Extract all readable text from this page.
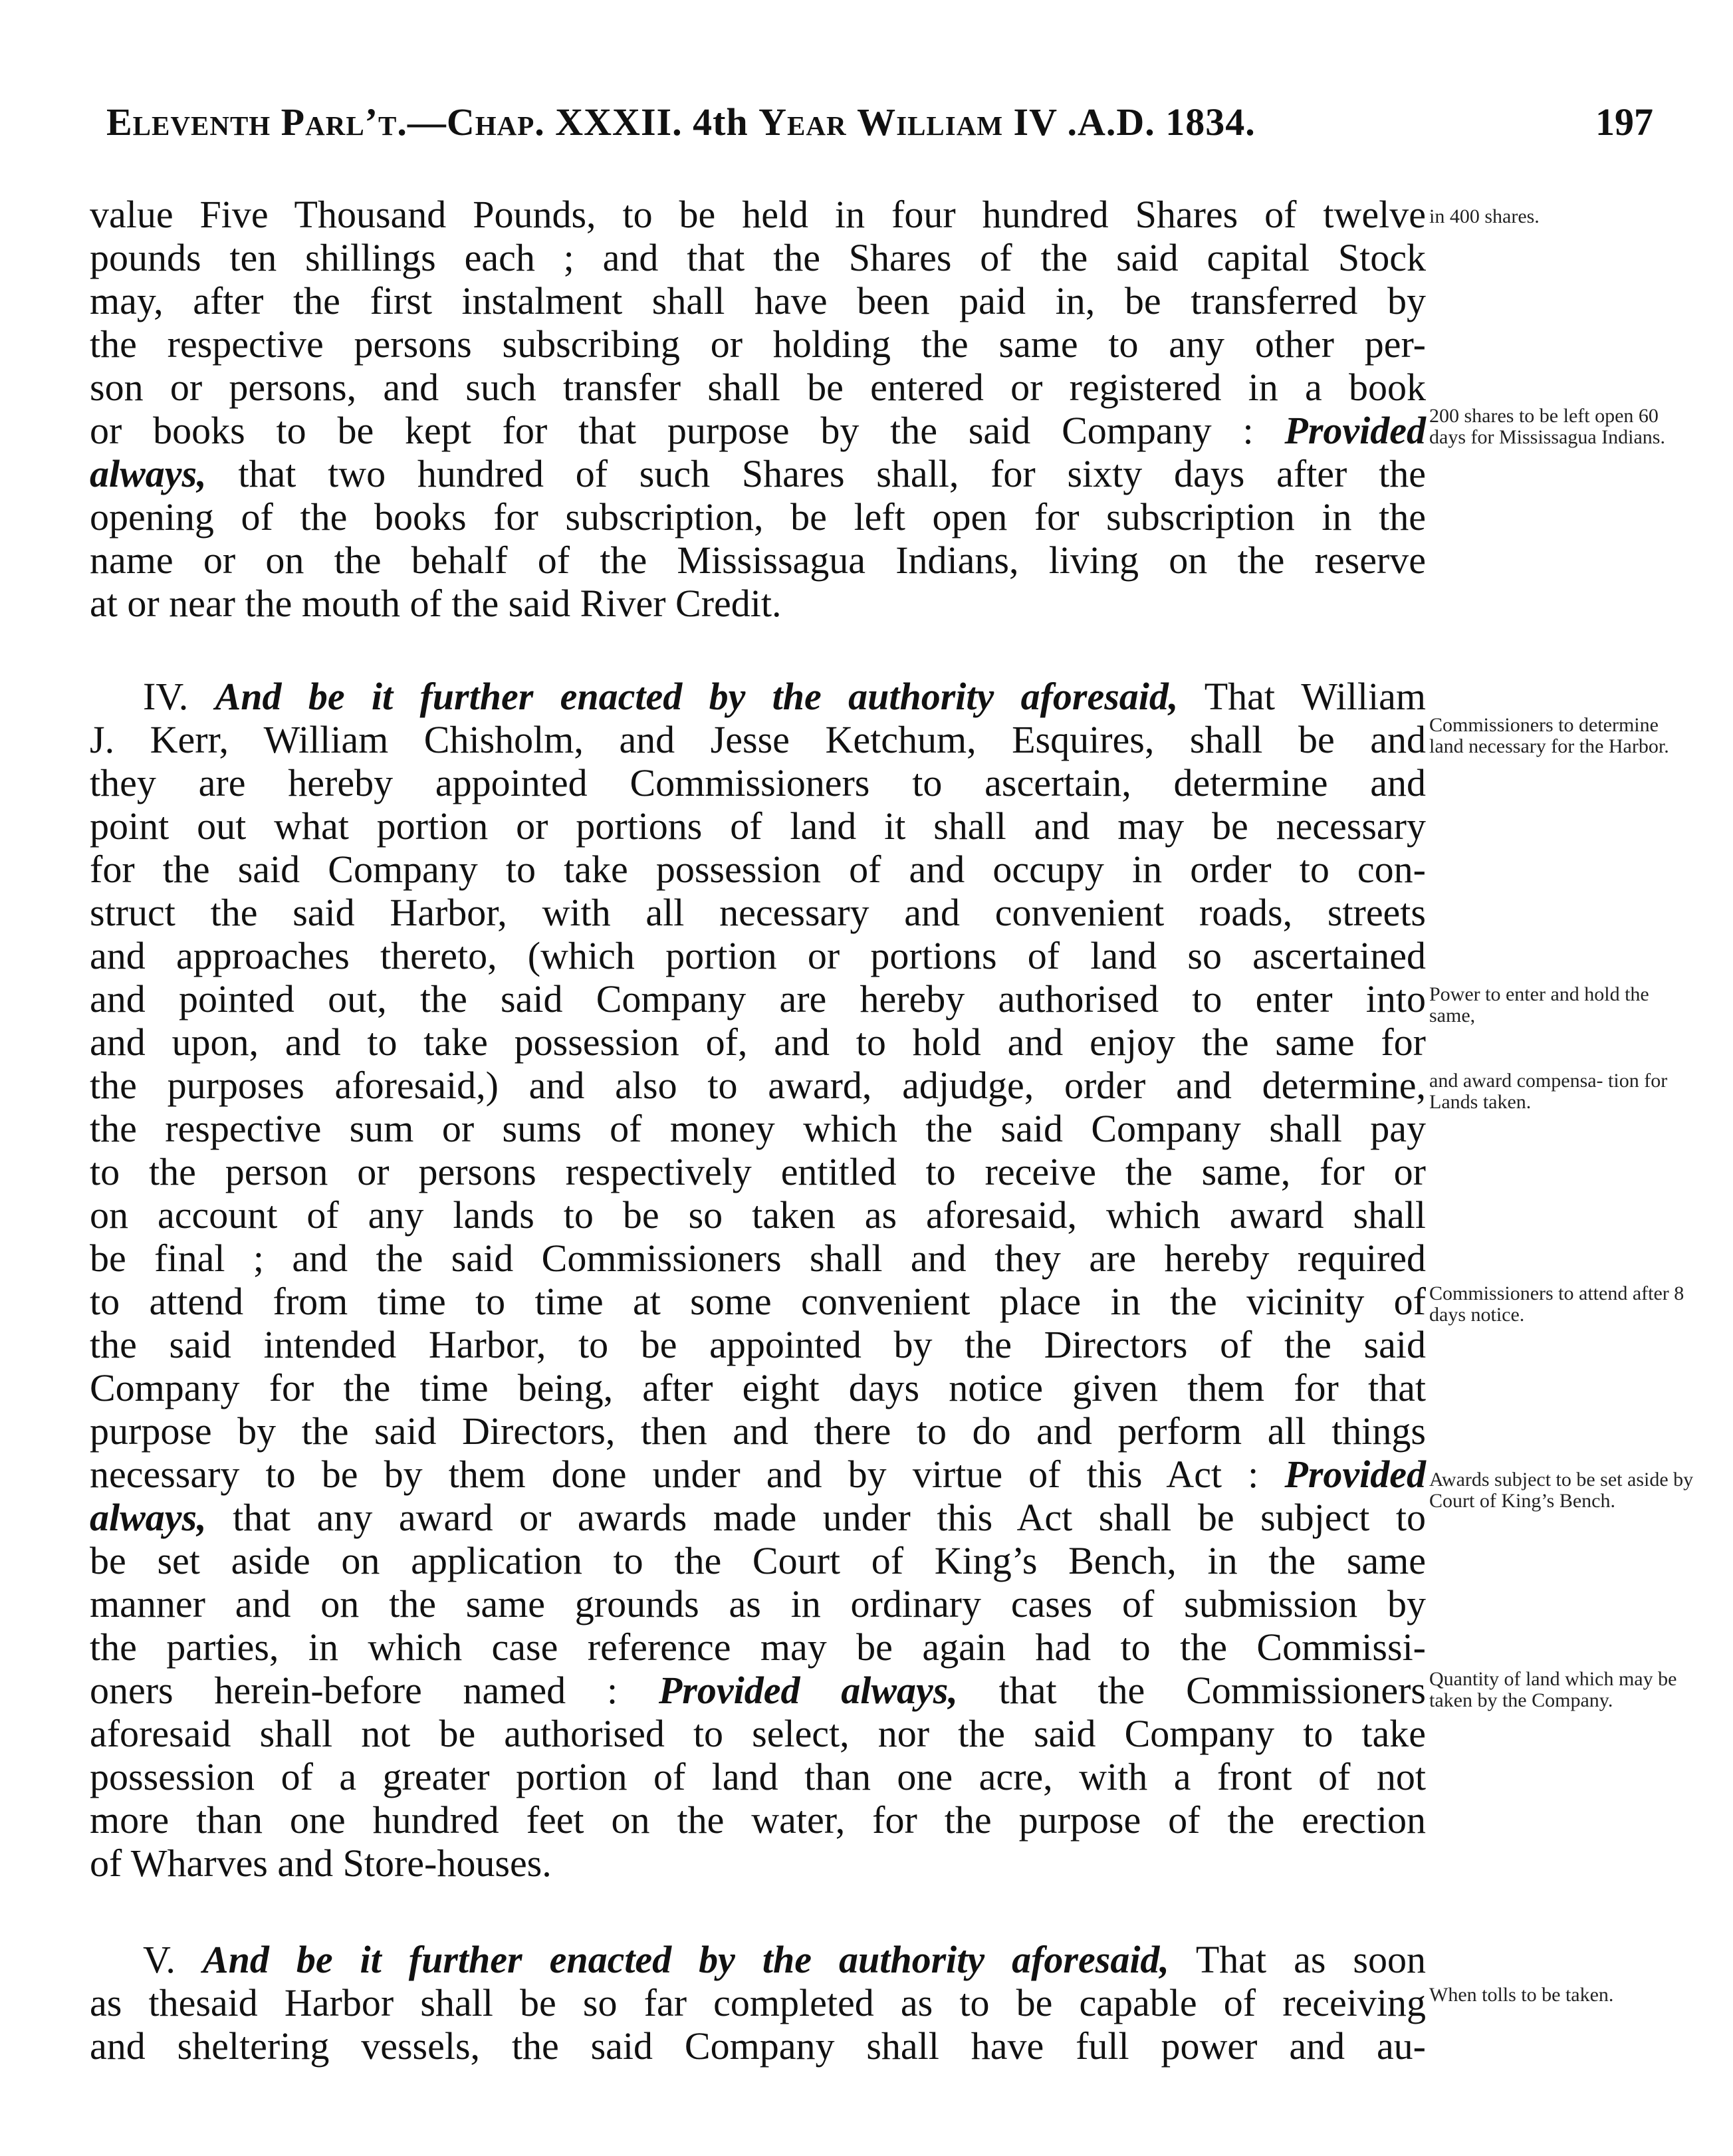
Eleventh Parl’t.—Chap. XXXII. 4th Year William IV .A.D. 1834.	197
value Five Thousand Pounds, to be held in four hundred Shares of twelve
pounds ten shillings each ; and that the Shares of the said capital Stock
may, after the first instalment shall have been paid in, be transferred by
the respective persons subscribing or holding the same to any other per-
son or persons, and such transfer shall be entered or registered in a book
or books to be kept for that purpose by the said Company : Provided
always, that two hundred of such Shares shall, for sixty days after the
opening of the books for subscription, be left open for subscription in the
name or on the behalf of the Mississagua Indians, living on the reserve
at or near the mouth of the said River Credit.
IV. And be it further enacted by the authority aforesaid, That William
J. Kerr, William Chisholm, and Jesse Ketchum, Esquires, shall be and
they are hereby appointed Commissioners to ascertain, determine and
point out what portion or portions of land it shall and may be necessary
for the said Company to take possession of and occupy in order to con-
struct the said Harbor, with all necessary and convenient roads, streets
and approaches thereto, (which portion or portions of land so ascertained
and pointed out, the said Company are hereby authorised to enter into
and upon, and to take possession of, and to hold and enjoy the same for
the purposes aforesaid,) and also to award, adjudge, order and determine,
the respective sum or sums of money which the said Company shall pay
to the person or persons respectively entitled to receive the same, for or
on account of any lands to be so taken as aforesaid, which award shall
be final ; and the said Commissioners shall and they are hereby required
to attend from time to time at some convenient place in the vicinity of
the said intended Harbor, to be appointed by the Directors of the said
Company for the time being, after eight days notice given them for that
purpose by the said Directors, then and there to do and perform all things
necessary to be by them done under and by virtue of this Act : Provided
always, that any award or awards made under this Act shall be subject to
be set aside on application to the Court of King’s Bench, in the same
manner and on the same grounds as in ordinary cases of submission by
the parties, in which case reference may be again had to the Commissi-
oners herein-before named : Provided always, that the Commissioners
aforesaid shall not be authorised to select, nor the said Company to take
possession of a greater portion of land than one acre, with a front of not
more than one hundred feet on the water, for the purpose of the erection
of Wharves and Store-houses.
V. And be it further enacted by the authority aforesaid, That as soon
as thesaid Harbor shall be so far completed as to be capable of receiving
and sheltering vessels, the said Company shall have full power and au-
in 400 shares.
200 shares to be left open 60 days for Mississagua Indians.
Commissioners to determine land necessary for the Harbor.
Power to enter and hold the same,
and award compensa- tion for Lands taken.
Commissioners to attend after 8 days notice.
Awards subject to be set aside by Court of King’s Bench.
Quantity of land which may be taken by the Company.
When tolls to be taken.
